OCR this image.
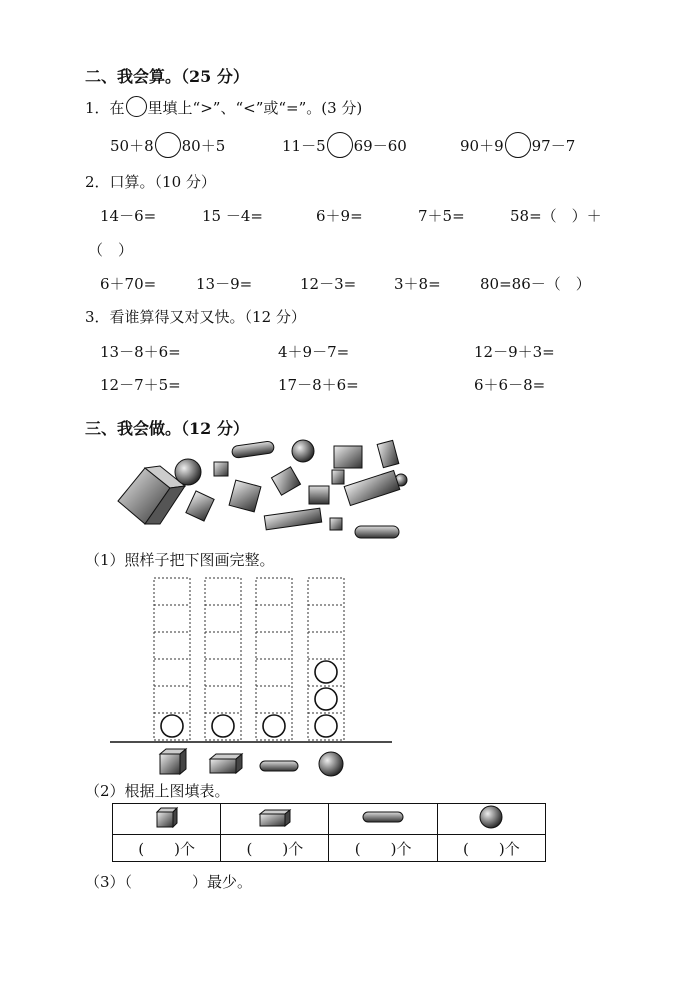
二、我会算。（25 分）
1．在 里填上“>”、“<”或“=”。(3 分)
50＋8 80＋5	11－5 69－60	90＋9 97－7
2．口算。（10 分）
14－6=	15 －4=	6＋9=	7＋5=	58=（　）＋
（　）
6＋70=	13－9=	12－3=	3＋8=	80=86－（　）
3．看谁算得又对又快。（12 分）
13－8＋6=	4＋9－7=	12－9＋3=
12－7＋5=	17－8＋6=	6＋6－8=
三、我会做。（12 分）
（1）照样子把下图画完整。
（2）根据上图填表。

(　　)个	(　　)个	(　　)个	(　　)个
（3）（　　　　）最少。
